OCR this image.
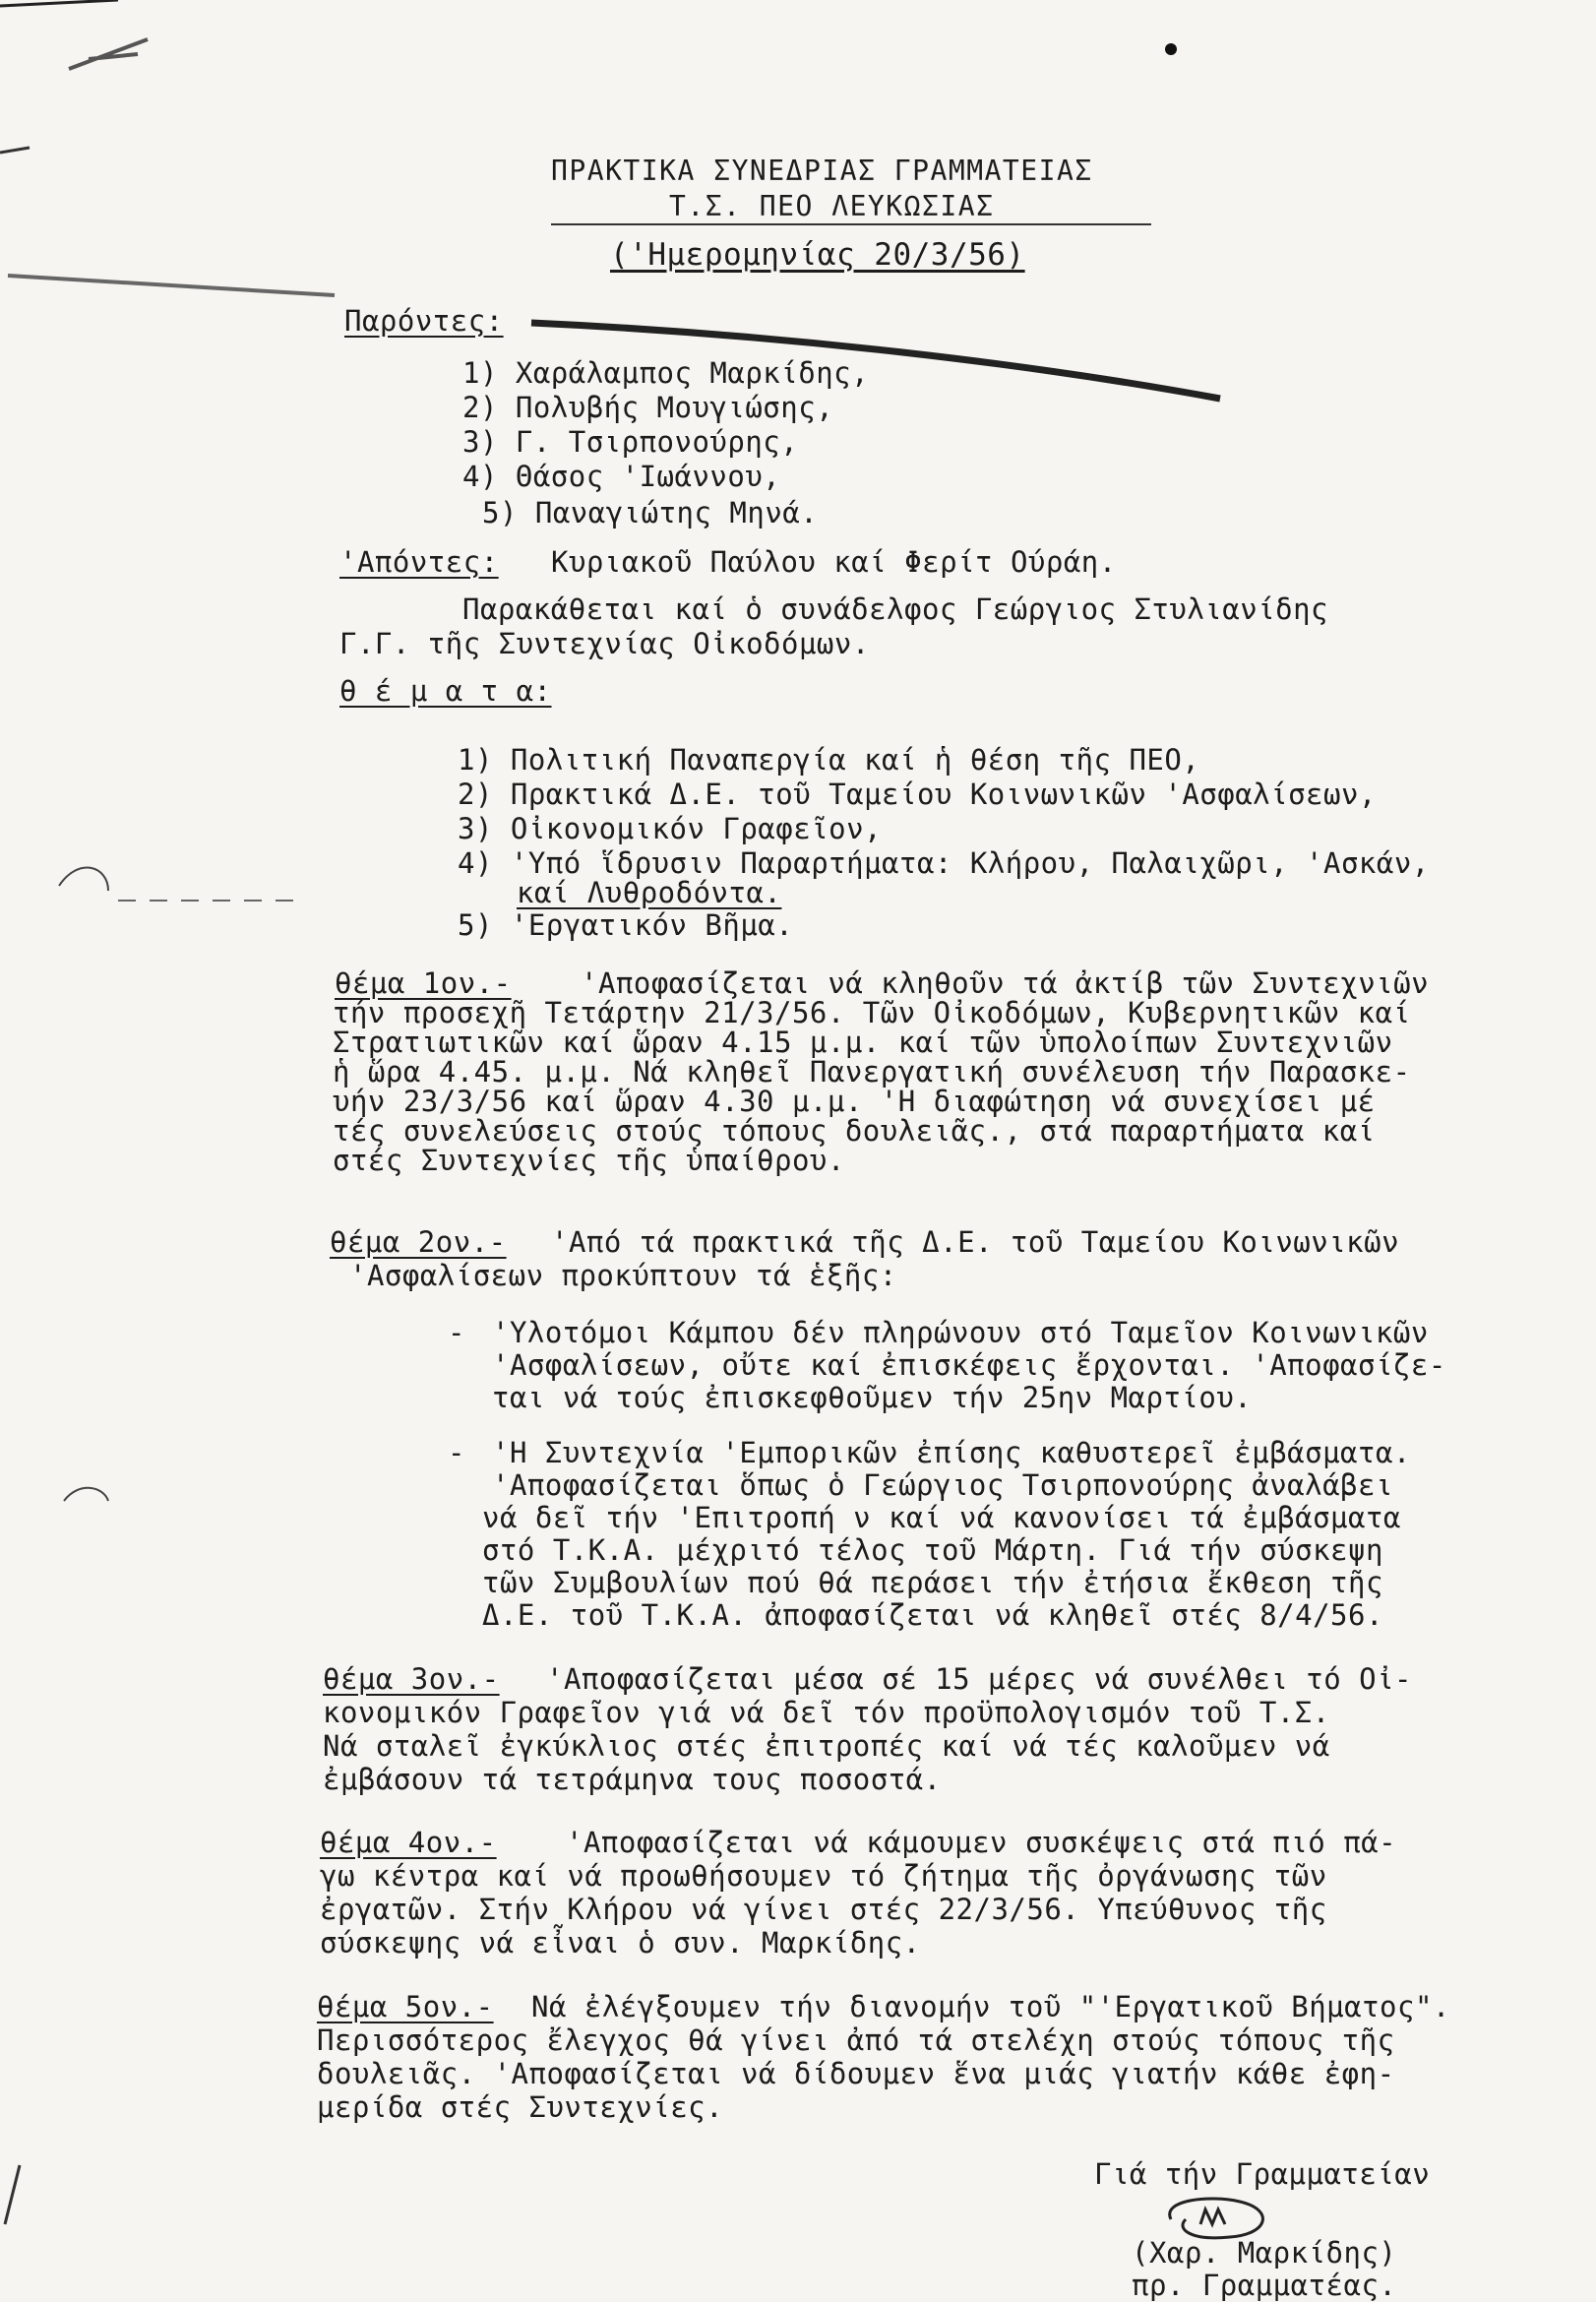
ΠΡΑΚΤΙΚΑ ΣΥΝΕΔΡΙΑΣ ΓΡΑΜΜΑΤΕΙΑΣ
Τ.Σ. ΠΕΟ ΛΕΥΚΩΣΙΑΣ
('Ημερομηνίας 20/3/56)
Παρόντες:
1) Χαράλαμπος Μαρκίδης,
2) Πολυβής Μουγιώσης,
3) Γ. Τσιρπονούρης,
4) Θάσος 'Ιωάννου,
5) Παναγιώτης Μηνά.
'Απόντες: Κυριακοῦ Παύλου καί Φερίτ Ούράη.
Παρακάθεται καί ὁ συνάδελφος Γεώργιος Στυλιανίδης
Γ.Γ. τῆς Συντεχνίας Οἰκοδόμων.
θ έ μ α τ α:
1) Πολιτική Παναπεργία καί ἡ θέση τῆς ΠΕΟ,
2) Πρακτικά Δ.Ε. τοῦ Ταμείου Κοινωνικῶν 'Ασφαλίσεων,
3) Οἰκονομικόν Γραφεῖον,
4) 'Υπό ἵδρυσιν Παραρτήματα: Κλήρου, Παλαιχῶρι, 'Ασκάν,
καί Λυθροδόντα.
5) 'Εργατικόν Βῆμα.
θέμα 1ον.- 'Αποφασίζεται νά κληθοῦν τά ἀκτίβ τῶν Συντεχνιῶν
τήν προσεχῆ Τετάρτην 21/3/56. Τῶν Οἰκοδόμων, Κυβερνητικῶν καί
Στρατιωτικῶν καί ὥραν 4.15 μ.μ. καί τῶν ὑπολοίπων Συντεχνιῶν
ἡ ὥρα 4.45. μ.μ. Νά κληθεῖ Πανεργατική συνέλευση τήν Παρασκε-
υήν 23/3/56 καί ὥραν 4.30 μ.μ. 'Η διαφώτηση νά συνεχίσει μέ
τές συνελεύσεις στούς τόπους δουλειᾶς., στά παραρτήματα καί
στές Συντεχνίες τῆς ὑπαίθρου.
θέμα 2ον.- 'Από τά πρακτικά τῆς Δ.Ε. τοῦ Ταμείου Κοινωνικῶν
'Ασφαλίσεων προκύπτουν τά ἑξῆς:
- 'Υλοτόμοι Κάμπου δέν πληρώνουν στό Ταμεῖον Κοινωνικῶν
'Ασφαλίσεων, οὔτε καί ἐπισκέφεις ἔρχονται. 'Αποφασίζε-
ται νά τούς ἐπισκεφθοῦμεν τήν 25ην Μαρτίου.
- 'Η Συντεχνία 'Εμπορικῶν ἐπίσης καθυστερεῖ ἐμβάσματα.
'Αποφασίζεται ὅπως ὁ Γεώργιος Τσιρπονούρης ἀναλάβει
νά δεῖ τήν 'Επιτροπή ν καί νά κανονίσει τά ἐμβάσματα
στό Τ.Κ.Α. μέχριτό τέλος τοῦ Μάρτη. Γιά τήν σύσκεψη
τῶν Συμβουλίων πού θά περάσει τήν ἐτήσια ἔκθεση τῆς
Δ.Ε. τοῦ Τ.Κ.Α. ἀποφασίζεται νά κληθεῖ στές 8/4/56.
θέμα 3ον.- 'Αποφασίζεται μέσα σέ 15 μέρες νά συνέλθει τό Οἰ-
κονομικόν Γραφεῖον γιά νά δεῖ τόν προϋπολογισμόν τοῦ Τ.Σ.
Νά σταλεῖ ἐγκύκλιος στές ἐπιτροπές καί νά τές καλοῦμεν νά
ἐμβάσουν τά τετράμηνα τους ποσοστά.
θέμα 4ον.- 'Αποφασίζεται νά κάμουμεν συσκέψεις στά πιό πά-
γω κέντρα καί νά προωθήσουμεν τό ζήτημα τῆς ὀργάνωσης τῶν
ἐργατῶν. Στήν Κλήρου νά γίνει στές 22/3/56. Υπεύθυνος τῆς
σύσκεψης νά εἶναι ὁ συν. Μαρκίδης.
θέμα 5ον.- Νά ἐλέγξουμεν τήν διανομήν τοῦ "'Εργατικοῦ Βήματος".
Περισσότερος ἔλεγχος θά γίνει ἀπό τά στελέχη στούς τόπους τῆς
δουλειᾶς. 'Αποφασίζεται νά δίδουμεν ἕνα μιάς γιατήν κάθε ἐφη-
μερίδα στές Συντεχνίες.
Γιά τήν Γραμματείαν
(Χαρ. Μαρκίδης)
πρ. Γραμματέας.
